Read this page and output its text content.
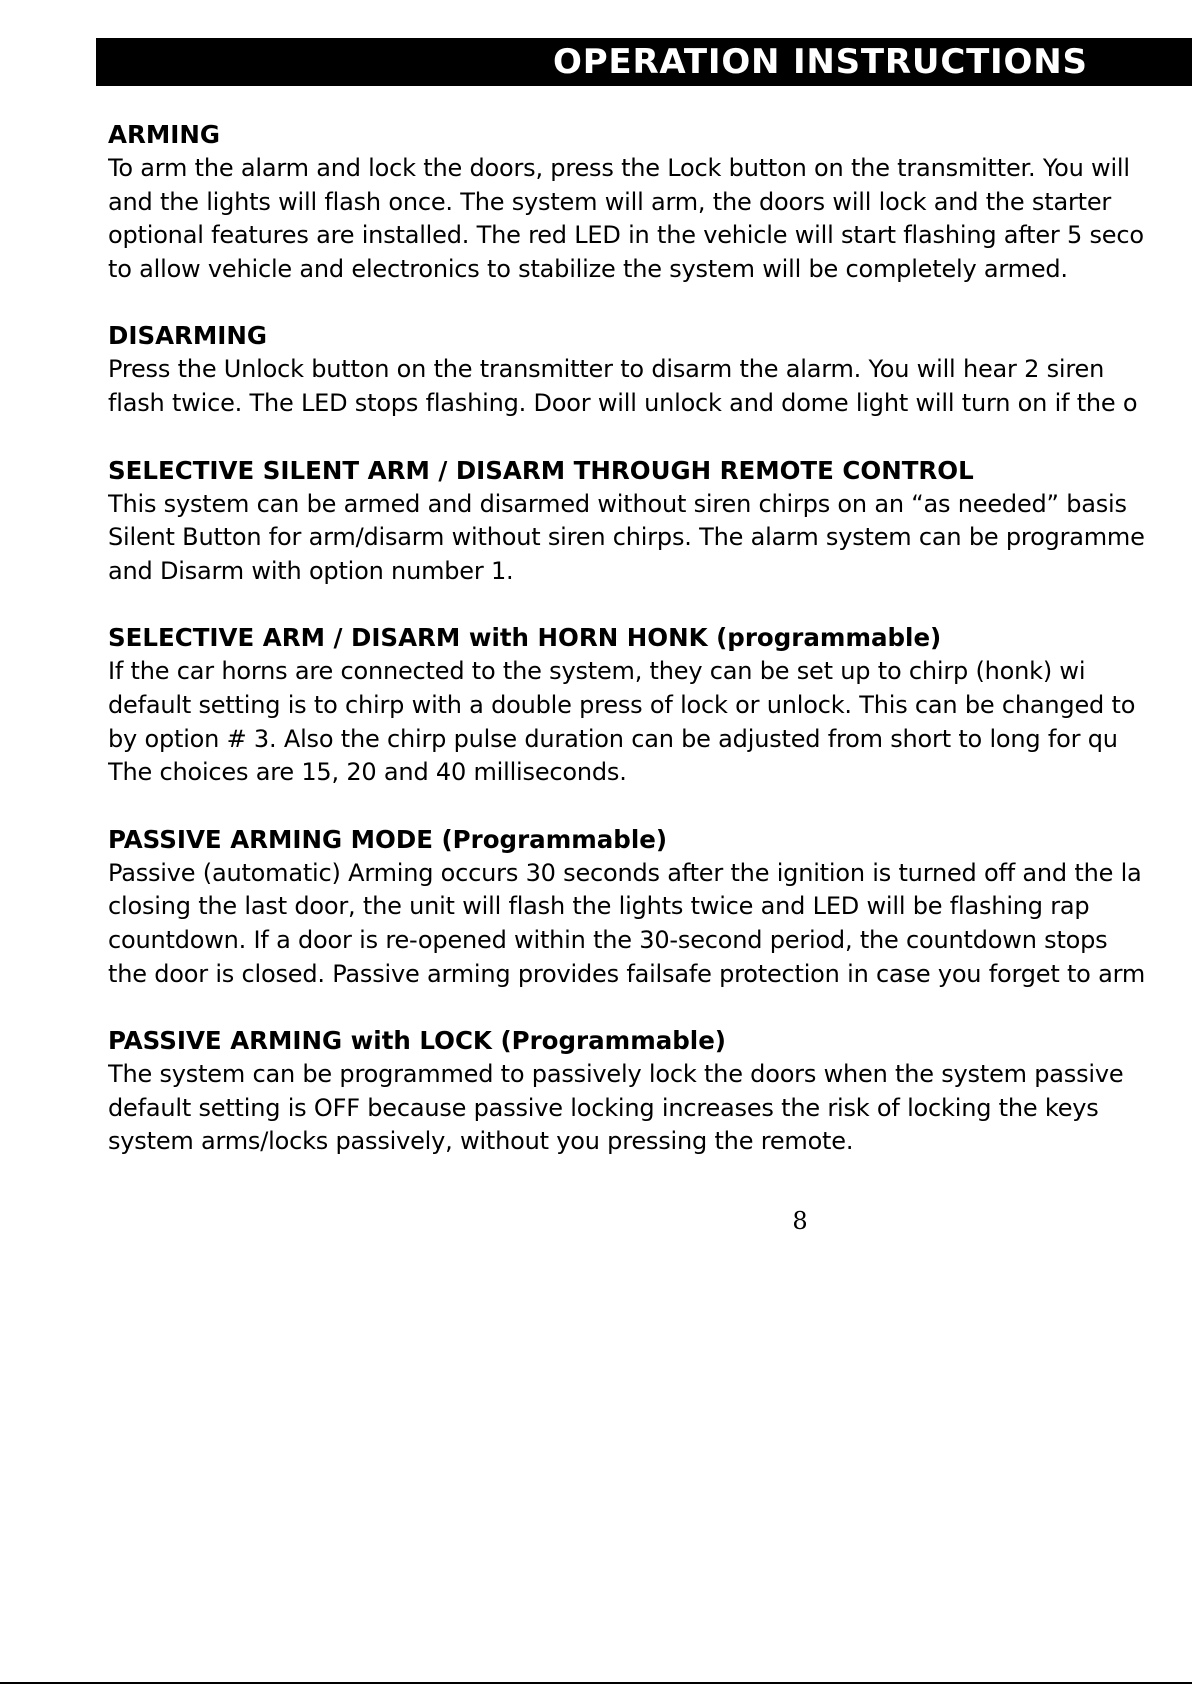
OPERATION INSTRUCTIONS
ARMING
To arm the alarm and lock the doors, press the Lock button on the transmitter. You will
and the lights will flash once. The system will arm, the doors will lock and the starter
optional features are installed. The red LED in the vehicle will start flashing after 5 seco
to allow vehicle and electronics to stabilize the system will be completely armed.
DISARMING
Press the Unlock button on the transmitter to disarm the alarm. You will hear 2 siren
flash twice. The LED stops flashing. Door will unlock and dome light will turn on if the o
SELECTIVE SILENT ARM / DISARM THROUGH REMOTE CONTROL
This system can be armed and disarmed without siren chirps on an “as needed” basis
Silent Button for arm/disarm without siren chirps. The alarm system can be programme
and Disarm with option number 1.
SELECTIVE ARM / DISARM with HORN HONK (programmable)
If the car horns are connected to the system, they can be set up to chirp (honk) wi
default setting is to chirp with a double press of lock or unlock. This can be changed to
by option # 3. Also the chirp pulse duration can be adjusted from short to long for qu
The choices are 15, 20 and 40 milliseconds.
PASSIVE ARMING MODE (Programmable)
Passive (automatic) Arming occurs 30 seconds after the ignition is turned off and the la
closing the last door, the unit will flash the lights twice and LED will be flashing rap
countdown. If a door is re-opened within the 30-second period, the countdown stops
the door is closed. Passive arming provides failsafe protection in case you forget to arm
PASSIVE ARMING with LOCK (Programmable)
The system can be programmed to passively lock the doors when the system passive
default setting is OFF because passive locking increases the risk of locking the keys
system arms/locks passively, without you pressing the remote.
8
